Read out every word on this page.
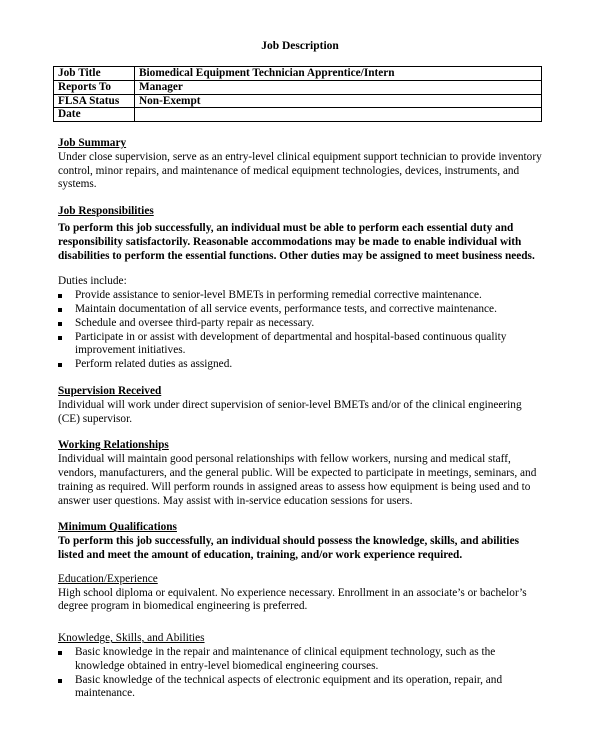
Job Description
Job Title	Biomedical Equipment Technician Apprentice/Intern
Reports To	Manager
FLSA Status	Non-Exempt
Date	
Job Summary

Under close supervision, serve as an entry-level clinical equipment support technician to provide inventory control, minor repairs, and maintenance of medical equipment technologies, devices, instruments, and systems.

Job Responsibilities

To perform this job successfully, an individual must be able to perform each essential duty and responsibility satisfactorily. Reasonable accommodations may be made to enable individual with disabilities to perform the essential functions. Other duties may be assigned to meet business needs.

Duties include:

Provide assistance to senior-level BMETs in performing remedial corrective maintenance.
Maintain documentation of all service events, performance tests, and corrective maintenance.
Schedule and oversee third-party repair as necessary.
Participate in or assist with development of departmental and hospital-based continuous quality improvement initiatives.
Perform related duties as assigned.
Supervision Received

Individual will work under direct supervision of senior-level BMETs and/or of the clinical engineering (CE) supervisor.

Working Relationships

Individual will maintain good personal relationships with fellow workers, nursing and medical staff, vendors, manufacturers, and the general public. Will be expected to participate in meetings, seminars, and training as required. Will perform rounds in assigned areas to assess how equipment is being used and to answer user questions. May assist with in-service education sessions for users.

Minimum Qualifications

To perform this job successfully, an individual should possess the knowledge, skills, and abilities listed and meet the amount of education, training, and/or work experience required.

Education/Experience

High school diploma or equivalent. No experience necessary. Enrollment in an associate’s or bachelor’s degree program in biomedical engineering is preferred.

Knowledge, Skills, and Abilities
Basic knowledge in the repair and maintenance of clinical equipment technology, such as the knowledge obtained in entry-level biomedical engineering courses.
Basic knowledge of the technical aspects of electronic equipment and its operation, repair, and maintenance.
